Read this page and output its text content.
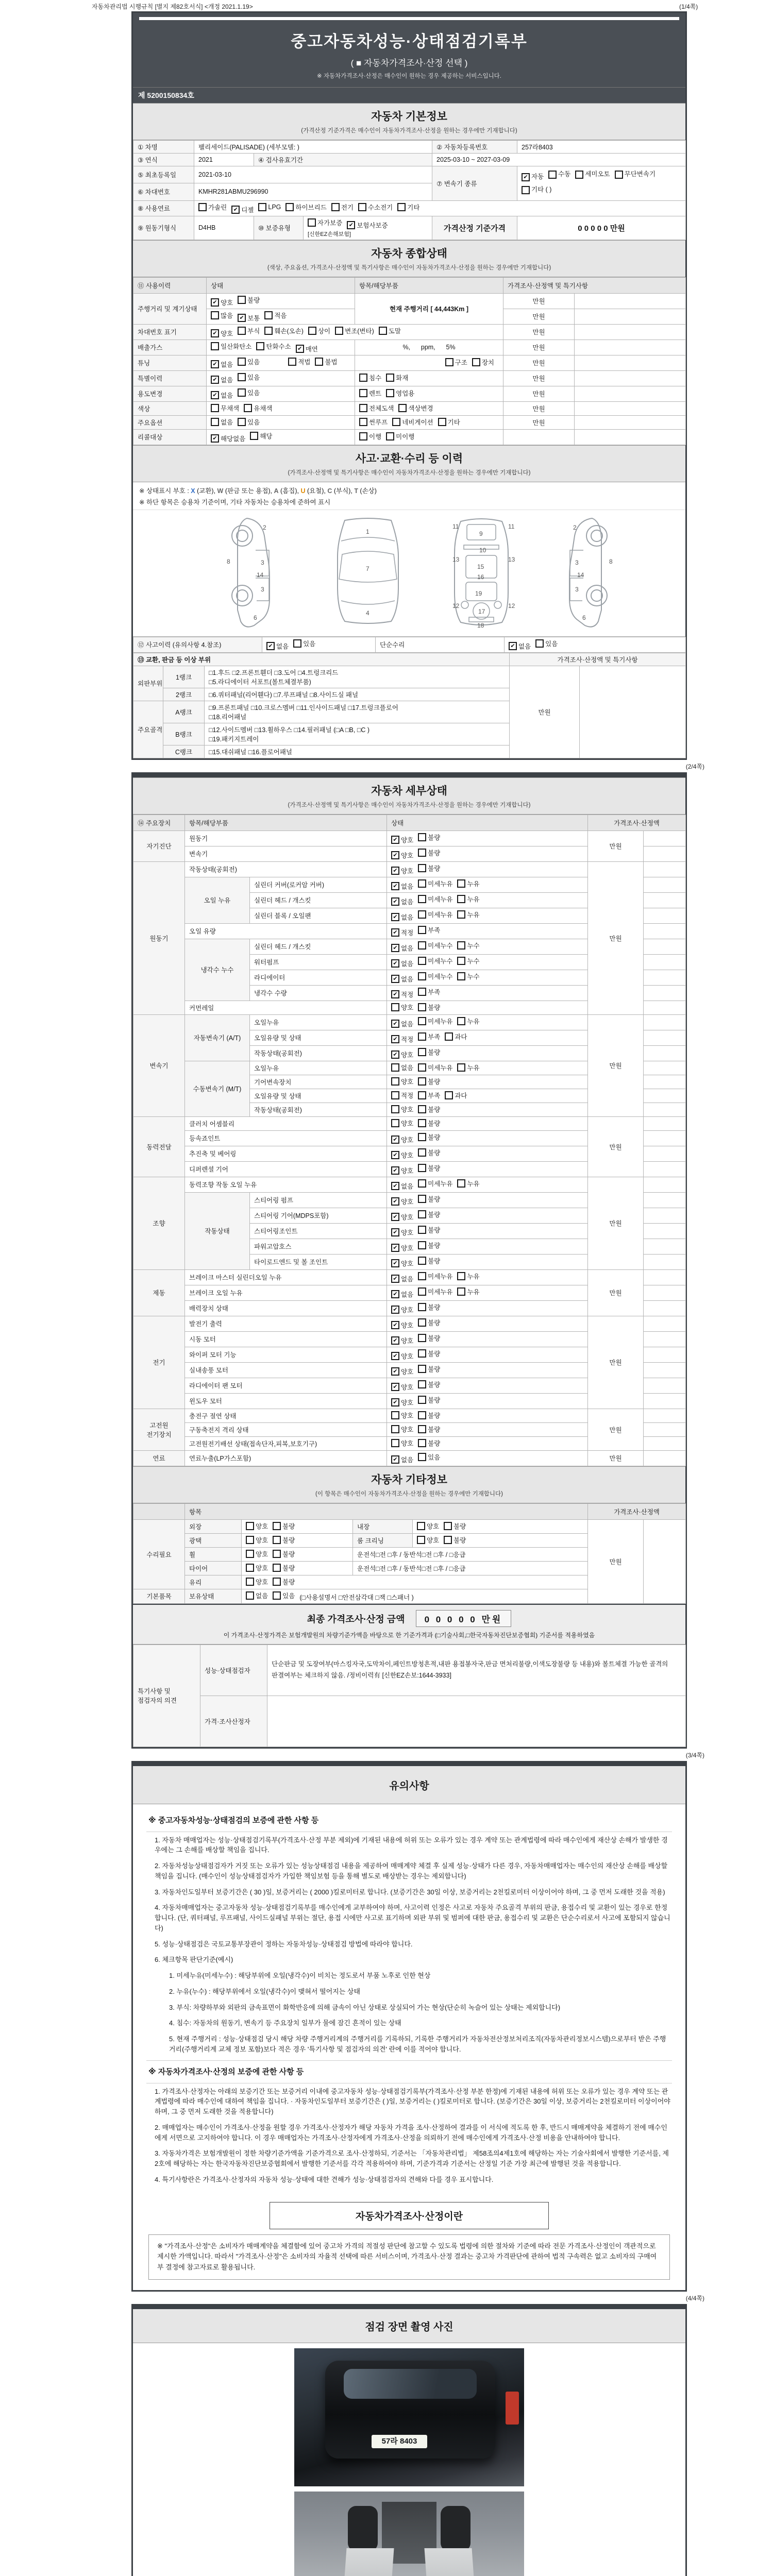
자동차관리법 시행규칙 [별지 제82호서식] <개정 2021.1.19>	(1/4쪽)
중고자동차성능·상태점검기록부
( ■ 자동차가격조사·산정 선택 )
※ 자동차가격조사·산정은 매수인이 원하는 경우 제공하는 서비스입니다.
제 5200150834호
자동차 기본정보
(가격산정 기준가격은 매수인이 자동차가격조사·산정을 원하는 경우에만 기재합니다)
① 차명	팰리세이드(PALISADE) (세부모델: )			② 자동차등록번호	257라8403
③ 연식	2021	④ 검사유효기간		2025-03-10 ~ 2027-03-09	
⑤ 최초등록일	2021-03-10	⑦ 변속기 종류	
✔ 자동 수동 세미오토 무단변속기
기타 ( )
⑥ 차대번호	KMHR281ABMU296990				
⑧ 사용연료	가솔린	✔ 디젤 LPG 하이브리드 전기 수소전기 기타
⑨ 원동기형식	D4HB	⑩ 보증유형	자가보증 ✔ 보험사보증[신한EZ손해보험]	가격산정 기준가격	0 0 0 0 0 만원
자동차 종합상태
(색상, 주요옵션, 가격조사·산정액 및 특기사항은 매수인이 자동차가격조사·산정을 원하는 경우에만 기재합니다)
⑪ 사용이력	상태	항목/해당부품	가격조사·산정액 및 특기사항	
주행거리 및 계기상태	✔ 양호 불량	현재 주행거리 [ 44,443Km ]	만원	

많음 ✔ 보통 적음		만원	
차대번호 표기	✔ 양호 부식 훼손(오손) 상이 변조(변타) 도말	만원	
배출가스	일산화탄소 탄화수소 ✔ 매연	%,      ppm,      5%	만원	
튜닝	✔ 없음 있음 적법 불법	구조 장치	만원	
특별이력	✔ 없음 있음	침수 화재	만원	
용도변경	✔ 없음 있음	렌트 영업용	만원	
색상	무채색 유채색	전체도색 색상변경	만원	
주요옵션	없음 있음	썬루프 네비게이션 기타	만원	
리콜대상	✔ 해당없음 해당	이행 미이행		
사고·교환·수리 등 이력
(가격조사·산정액 및 특기사항은 매수인이 자동차가격조사·산정을 원하는 경우에만 기재합니다)
※ 상태표시 부호 : X (교환), W (판금 또는 용접), A (흠집), U (요철), C (부식), T (손상)
※ 하단 항목은 승용차 기준이며, 기타 자동차는 승용차에 준하여 표시
2
8	3
14
3
6
7
1
4
11	11
9
13	13
10
15
16
19
12	12
17
18
2
8
3
14
3
6
⑫ 사고이력 (유의사항 4.참조)	✔ 없음 있음	단순수리	✔ 없음 있음
⑬ 교환, 판금 등 이상 부위			가격조사·산정액 및 특기사항	
외판부위	1랭크	□1.후드 □2.프론트휀더 □3.도어 □4.트렁크리드
□5.라디에이터 서포트(볼트체결부품)	만원	
	2랭크	□6.쿼터패널(리어휀다) □7.루프패널 □8.사이드실 패널		
주요골격	A랭크	□9.프론트패널 □10.크로스멤버 □11.인사이드패널 □17.트렁크플로어
□18.리어패널		
	B랭크	□12.사이드멤버 □13.휠하우스 □14.필러패널 (□A □B, □C )
□19.패키지트레이		
	C랭크	□15.대쉬패널 □16.플로어패널		
(2/4쪽)
자동차 세부상태
(가격조사·산정액 및 특기사항은 매수인이 자동차가격조사·산정을 원하는 경우에만 기재합니다)
⑭ 주요장치	항목/해당부품		상태	가격조사·산정액	
자기진단	원동기		✔ 양호 불량	만원	
	변속기		✔ 양호 불량		
원동기	작동상태(공회전)		✔ 양호 불량	만원	
	오일 누유	실린더 커버(로커암 커버)	✔ 없음 미세누유 누유		
		실린더 헤드 / 개스킷	✔ 없음 미세누유 누유		
		실린더 블록 / 오일팬	✔ 없음 미세누유 누유		
	오일 유량		✔ 적정 부족		
	냉각수 누수	실린더 헤드 / 개스킷	✔ 없음 미세누수 누수		
		워터펌프	✔ 없음 미세누수 누수		
		라디에이터	✔ 없음 미세누수 누수		
		냉각수 수량	✔ 적정 부족		
	커먼레일		양호 불량		
변속기	자동변속기 (A/T)	오일누유	✔ 없음 미세누유 누유	만원	
		오일유량 및 상태	✔ 적정 부족 과다		
		작동상태(공회전)	✔ 양호 불량		
	수동변속기 (M/T)	오일누유	없음 미세누유 누유		
		기어변속장치	양호 불량		
		오일유량 및 상태	적정 부족 과다		
		작동상태(공회전)	양호 불량		
동력전달	클러치 어셈블리		양호 불량	만원	
	등속죠인트		✔ 양호 불량		
	추진축 및 베어링		✔ 양호 불량		
	디퍼렌셜 기어		✔ 양호 불량		
조향	동력조향 작동 오일 누유		✔ 없음 미세누유 누유	만원	
	작동상태	스티어링 펌프	✔ 양호 불량		
		스티어링 기어(MDPS포함)	✔ 양호 불량		
		스티어링조인트	✔ 양호 불량		
		파워고압호스	✔ 양호 불량		
		타이로드엔드 및 볼 조인트	✔ 양호 불량		
제동	브레이크 마스터 실린더오일 누유		✔ 없음 미세누유 누유	만원	
	브레이크 오일 누유		✔ 없음 미세누유 누유		
	배력장치 상태		✔ 양호 불량		
전기	발전기 출력		✔ 양호 불량	만원	
	시동 모터		✔ 양호 불량		
	와이퍼 모터 기능		✔ 양호 불량		
	실내송풍 모터		✔ 양호 불량		
	라디에이터 팬 모터		✔ 양호 불량		
	윈도우 모터		✔ 양호 불량		
고전원 전기장치	충전구 절연 상태		양호 불량	만원	
	구동축전지 격리 상태		양호 불량		
	고전원전기배선 상태(접속단자,피복,보호기구)		양호 불량		
연료	연료누출(LP가스포함)		✔ 없음 있음	만원	
자동차 기타정보
(이 항목은 매수인이 자동차가격조사·산정을 원하는 경우에만 기재합니다)
	항목				가격조사·산정액	
수리필요	외장	양호 불량	내장	양호 불량	만원	
	광택	양호 불량	룸 크리닝	양호 불량		
	휠	양호 불량	운전석□전 □후 / 동반석□전 □후 / □응급			
	타이어	양호 불량	운전석□전 □후 / 동반석□전 □후 / □응급			
	유리	양호 불량				
기본품목	보유상태	없음 있음 (□사용설명서 □안전삼각대 □잭 □스패너 )				
최종 가격조사·산정 금액 0 0 0 0 0 만원
이 가격조사·산정가격은 보험개발원의 차량기준가액을 바탕으로 한 기준가격과 (□기술사회,□한국자동차진단보증협회) 기준서를 적용하였음
특기사항 및 점검자의 의견	성능·상태점검자	단순판금 및 도장여부(마스킹자국,도막차이,페인트방청흔적,내판 용접봉자국,판금 면처리불량,이색도장불량 등 내용)와 볼트체결 가능한 골격의 판결여부는 체크하지 않음. /정비이력有 [신한EZ손보:1644-3933]
	가격·조사산정자	
(3/4쪽)
유의사항
※ 중고자동차성능·상태점검의 보증에 관한 사항 등
1. 자동차 매매업자는 성능·상태점검기록부(가격조사·산정 부분 제외)에 기재된 내용에 허위 또는 오류가 있는 경우 계약 또는 관계법령에 따라 매수인에게 재산상 손해가 발생한 경우에는 그 손해를 배상할 책임을 집니다.
2. 자동차성능상태점검자가 거짓 또는 오류가 있는 성능상태점검 내용을 제공하여 매매계약 체결 후 실제 성능·상태가 다른 경우, 자동차매매업자는 매수인의 재산상 손해를 배상할 책임을 집니다. (매수인이 성능상태점검자가 가입한 책임보험 등을 통해 별도로 배상받는 경우는 제외합니다)
3. 자동차인도일부터 보증기간은 ( 30 )일, 보증거리는 ( 2000 )킬로미터로 합니다. (보증기간은 30일 이상, 보증거리는 2천킬로미터 이상이어야 하며, 그 중 먼저 도래한 것을 적용)
4. 자동차매매업자는 중고자동차 성능·상태점검기록부를 매수인에게 교부하여야 하며, 사고이력 인정은 사고로 자동차 주요골격 부위의 판금, 용접수리 및 교환이 있는 경우로 한정합니다. (단, 쿼터패널, 루프패널, 사이드실패널 부위는 절단, 용접 시에만 사고로 표기하며 외판 부위 및 범퍼에 대한 판금, 용접수리 및 교환은 단순수리로서 사고에 포함되지 않습니다)
5. 성능·상태점검은 국토교통부장관이 정하는 자동차성능·상태점검 방법에 따라야 합니다.
6. 체크항목 판단기준(예시)
1. 미세누유(미세누수) : 해당부위에 오일(냉각수)이 비치는 정도로서 부품 노후로 인한 현상
2. 누유(누수) : 해당부위에서 오일(냉각수)이 맺혀서 떨어지는 상태
3. 부식: 차량하부와 외판의 금속표면이 화학반응에 의해 금속이 아닌 상태로 상실되어 가는 현상(단순히 녹슬어 있는 상태는 제외합니다)
4. 침수: 자동차의 원동기, 변속기 등 주요장치 일부가 물에 잠긴 흔적이 있는 상태
5. 현재 주행거리 : 성능·상태점검 당시 해당 차량 주행거리계의 주행거리를 기록하되, 기록한 주행거리가 자동차전산정보처리조직(자동차관리정보시스템)으로부터 받은 주행거리(주행거리계 교체 정보 포함)보다 적은 경우 '특기사항 및 점검자의 의견' 란에 이를 적어야 합니다.
※ 자동차가격조사·산정의 보증에 관한 사항 등
1. 가격조사·산정자는 아래의 보증기간 또는 보증거리 이내에 중고자동차 성능·상태점검기록부(가격조사·산정 부분 한정)에 기재된 내용에 허위 또는 오류가 있는 경우 계약 또는 관계법령에 따라 매수인에 대하여 책임을 집니다. · 자동차인도일부터 보증기간은 ( )일, 보증거리는 ( )킬로미터로 합니다. (보증기간은 30일 이상, 보증거리는 2천킬로미터 이상이어야 하며, 그 중 먼저 도래한 것을 적용합니다)
2. 매매업자는 매수인이 가격조사·산정을 원할 경우 가격조사·산정자가 해당 자동차 가격을 조사·산정하여 결과를 이 서식에 적도록 한 후, 반드시 매매계약을 체결하기 전에 매수인에게 서면으로 고지하여야 합니다. 이 경우 매매업자는 가격조사·산정자에게 가격조사·산정을 의뢰하기 전에 매수인에게 가격조사·산정 비용을 안내하여야 합니다.
3. 자동차가격은 보험개발원이 정한 차량기준가액을 기준가격으로 조사·산정하되, 기준서는 「자동차관리법」 제58조의4제1호에 해당하는 자는 기술사회에서 발행한 기준서를, 제2호에 해당하는 자는 한국자동차진단보증협회에서 발행한 기준서를 각각 적용하여야 하며, 기준가격과 기준서는 산정일 기준 가장 최근에 발행된 것을 적용합니다.
4. 특기사항란은 가격조사·산정자의 자동차 성능·상태에 대한 견해가 성능·상태점검자의 견해와 다를 경우 표시합니다.
자동차가격조사·산정이란
※ "가격조사·산정"은 소비자가 매매계약을 체결함에 있어 중고차 가격의 적절성 판단에 참고할 수 있도록 법령에 의한 절차와 기준에 따라 전문 가격조사·산정인이 객관적으로 제시한 가액입니다. 따라서 "가격조사·산정"은 소비자의 자율적 선택에 따른 서비스이며, 가격조사·산정 결과는 중고차 가격판단에 관하여 법적 구속력은 없고 소비자의 구매여부 결정에 참고자료로 활용됩니다.
(4/4쪽)
점검 장면 촬영 사진
57라 8403
